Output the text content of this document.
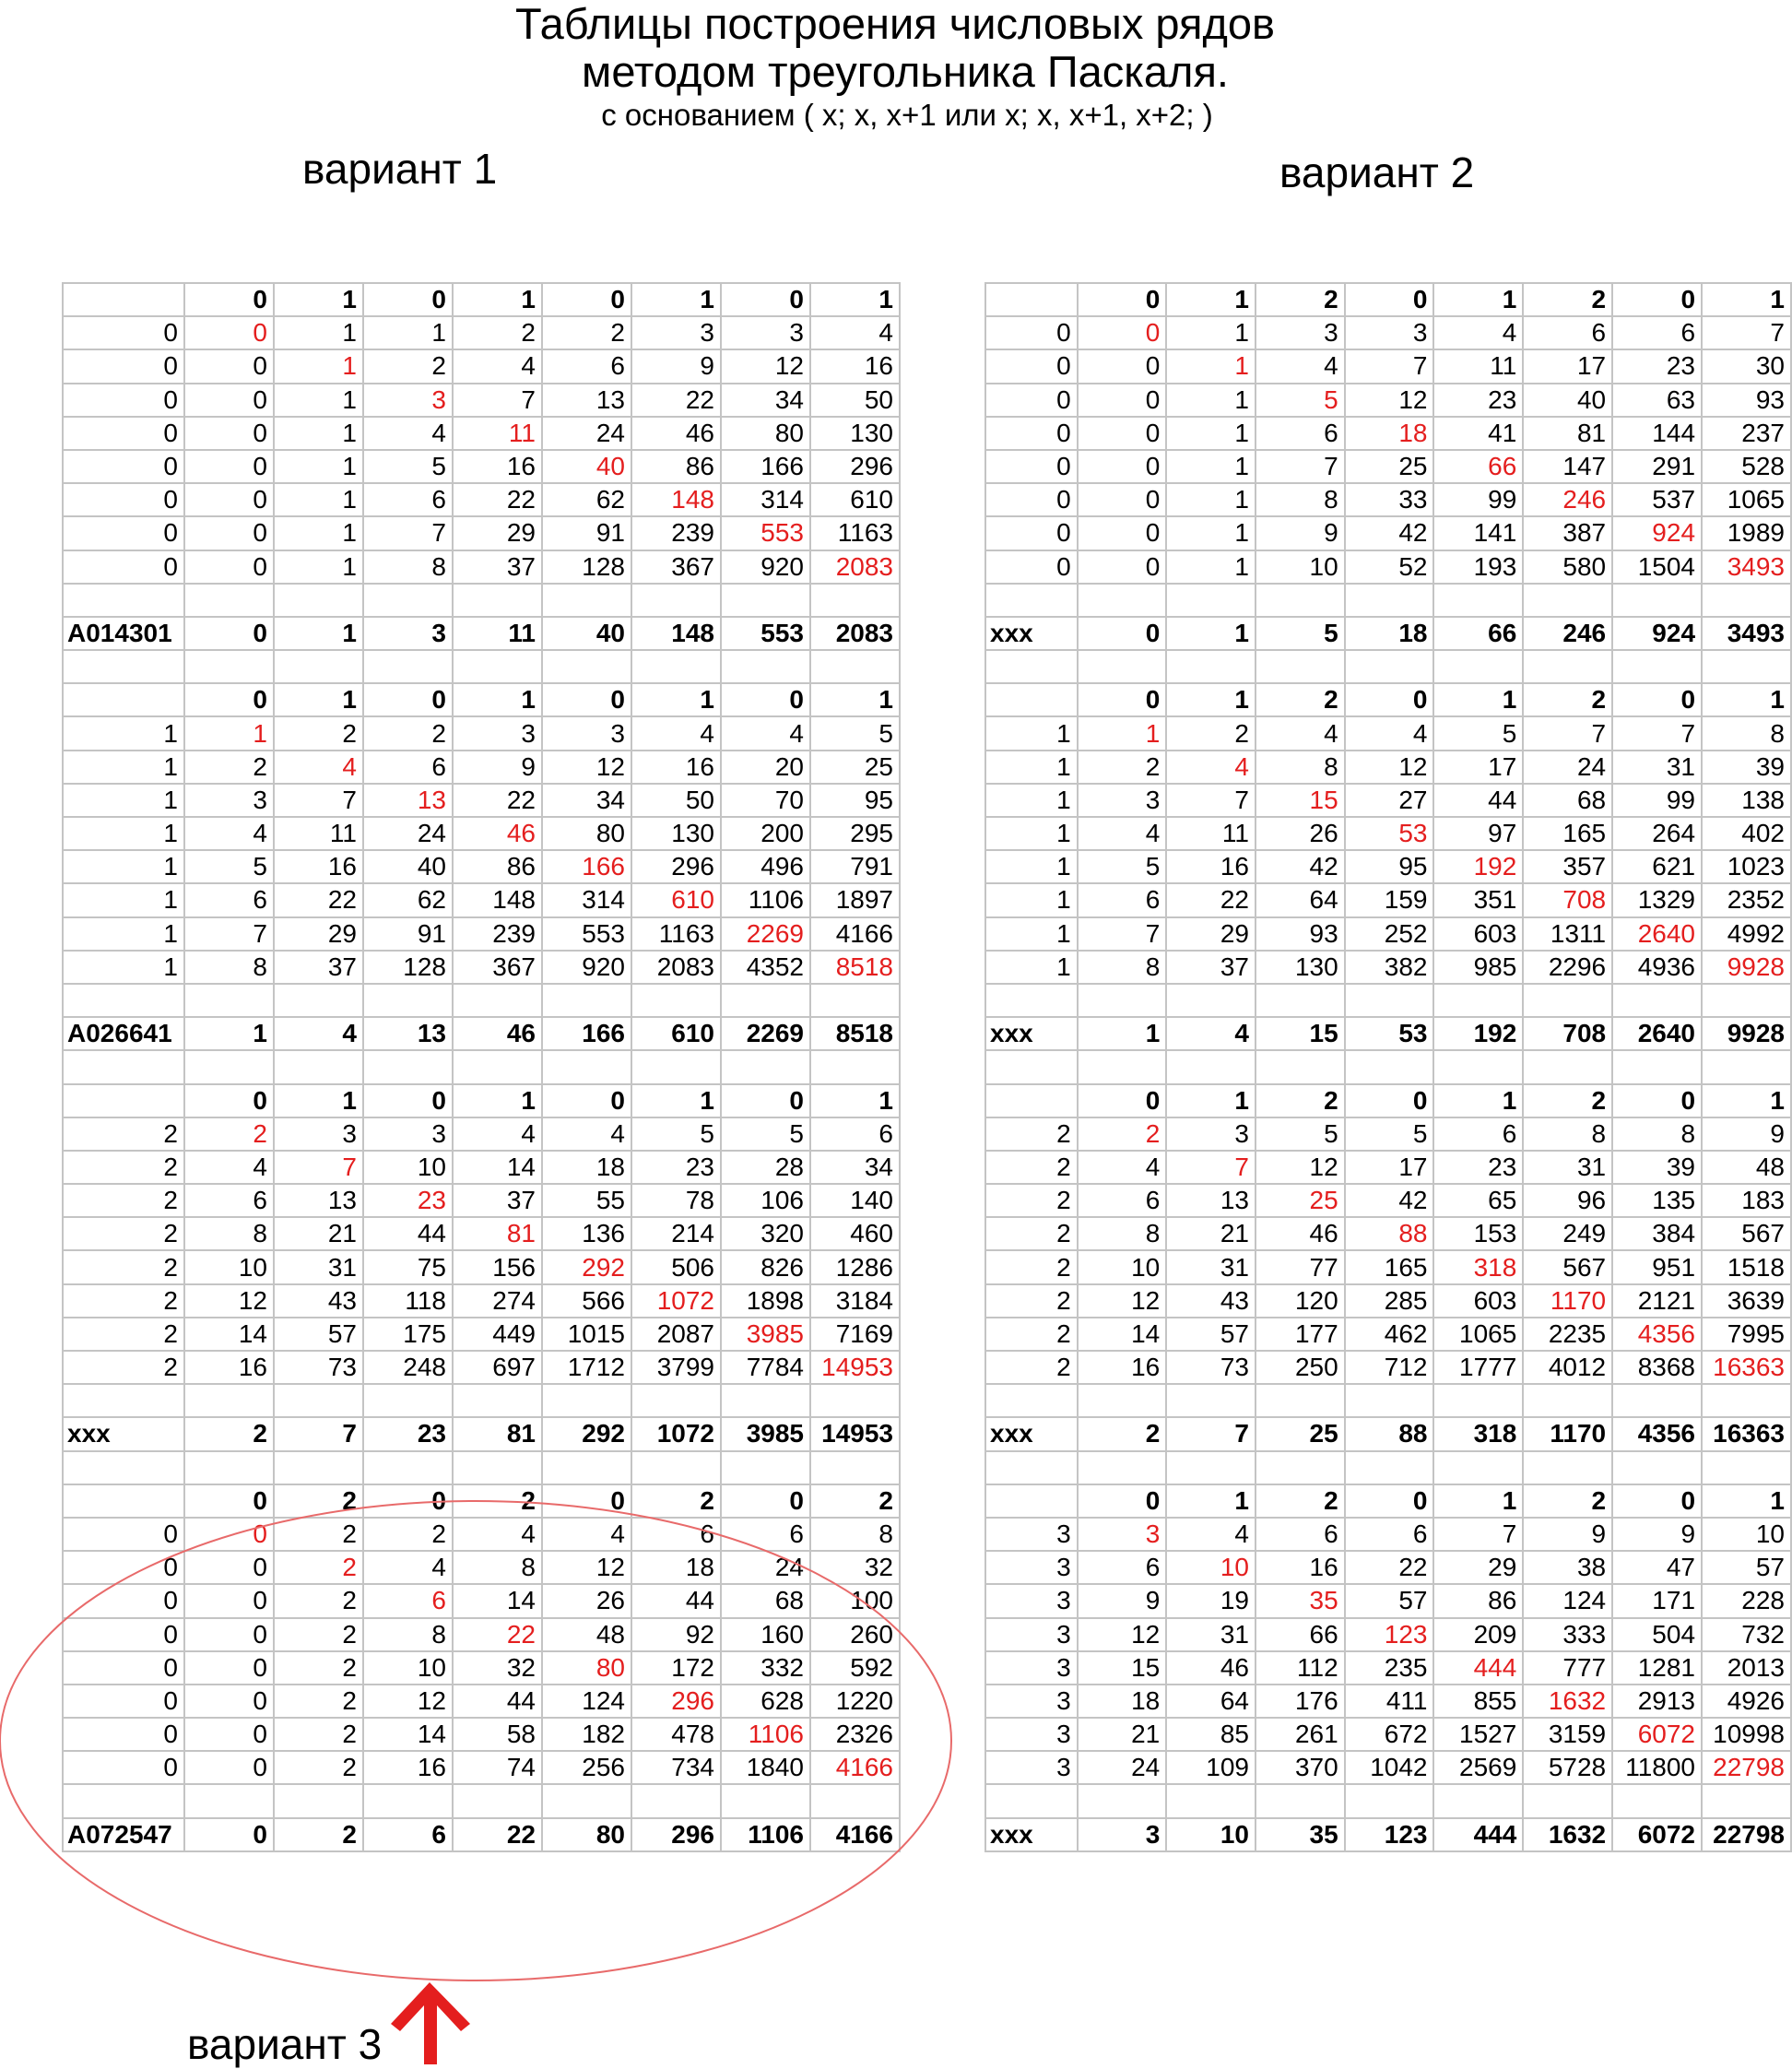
Таблицы построения числовых рядов
методом треугольника Паскаля.
с основанием ( x; x, x+1 или x; x, x+1, x+2; )
вариант 1	вариант 2
	0	1	0	1	0	1	0	1
0	0	1	1	2	2	3	3	4
0	0	1	2	4	6	9	12	16
0	0	1	3	7	13	22	34	50
0	0	1	4	11	24	46	80	130
0	0	1	5	16	40	86	166	296
0	0	1	6	22	62	148	314	610
0	0	1	7	29	91	239	553	1163
0	0	1	8	37	128	367	920	2083

A014301	0	1	3	11	40	148	553	2083

	0	1	0	1	0	1	0	1
1	1	2	2	3	3	4	4	5
1	2	4	6	9	12	16	20	25
1	3	7	13	22	34	50	70	95
1	4	11	24	46	80	130	200	295
1	5	16	40	86	166	296	496	791
1	6	22	62	148	314	610	1106	1897
1	7	29	91	239	553	1163	2269	4166
1	8	37	128	367	920	2083	4352	8518

A026641	1	4	13	46	166	610	2269	8518

	0	1	0	1	0	1	0	1
2	2	3	3	4	4	5	5	6
2	4	7	10	14	18	23	28	34
2	6	13	23	37	55	78	106	140
2	8	21	44	81	136	214	320	460
2	10	31	75	156	292	506	826	1286
2	12	43	118	274	566	1072	1898	3184
2	14	57	175	449	1015	2087	3985	7169
2	16	73	248	697	1712	3799	7784	14953

xxx	2	7	23	81	292	1072	3985	14953

	0	2	0	2	0	2	0	2
0	0	2	2	4	4	6	6	8
0	0	2	4	8	12	18	24	32
0	0	2	6	14	26	44	68	100
0	0	2	8	22	48	92	160	260
0	0	2	10	32	80	172	332	592
0	0	2	12	44	124	296	628	1220
0	0	2	14	58	182	478	1106	2326
0	0	2	16	74	256	734	1840	4166

A072547	0	2	6	22	80	296	1106	4166
	0	1	2	0	1	2	0	1
0	0	1	3	3	4	6	6	7
0	0	1	4	7	11	17	23	30
0	0	1	5	12	23	40	63	93
0	0	1	6	18	41	81	144	237
0	0	1	7	25	66	147	291	528
0	0	1	8	33	99	246	537	1065
0	0	1	9	42	141	387	924	1989
0	0	1	10	52	193	580	1504	3493

xxx	0	1	5	18	66	246	924	3493

	0	1	2	0	1	2	0	1
1	1	2	4	4	5	7	7	8
1	2	4	8	12	17	24	31	39
1	3	7	15	27	44	68	99	138
1	4	11	26	53	97	165	264	402
1	5	16	42	95	192	357	621	1023
1	6	22	64	159	351	708	1329	2352
1	7	29	93	252	603	1311	2640	4992
1	8	37	130	382	985	2296	4936	9928

xxx	1	4	15	53	192	708	2640	9928

	0	1	2	0	1	2	0	1
2	2	3	5	5	6	8	8	9
2	4	7	12	17	23	31	39	48
2	6	13	25	42	65	96	135	183
2	8	21	46	88	153	249	384	567
2	10	31	77	165	318	567	951	1518
2	12	43	120	285	603	1170	2121	3639
2	14	57	177	462	1065	2235	4356	7995
2	16	73	250	712	1777	4012	8368	16363

xxx	2	7	25	88	318	1170	4356	16363

	0	1	2	0	1	2	0	1
3	3	4	6	6	7	9	9	10
3	6	10	16	22	29	38	47	57
3	9	19	35	57	86	124	171	228
3	12	31	66	123	209	333	504	732
3	15	46	112	235	444	777	1281	2013
3	18	64	176	411	855	1632	2913	4926
3	21	85	261	672	1527	3159	6072	10998
3	24	109	370	1042	2569	5728	11800	22798

xxx	3	10	35	123	444	1632	6072	22798
вариант 3
